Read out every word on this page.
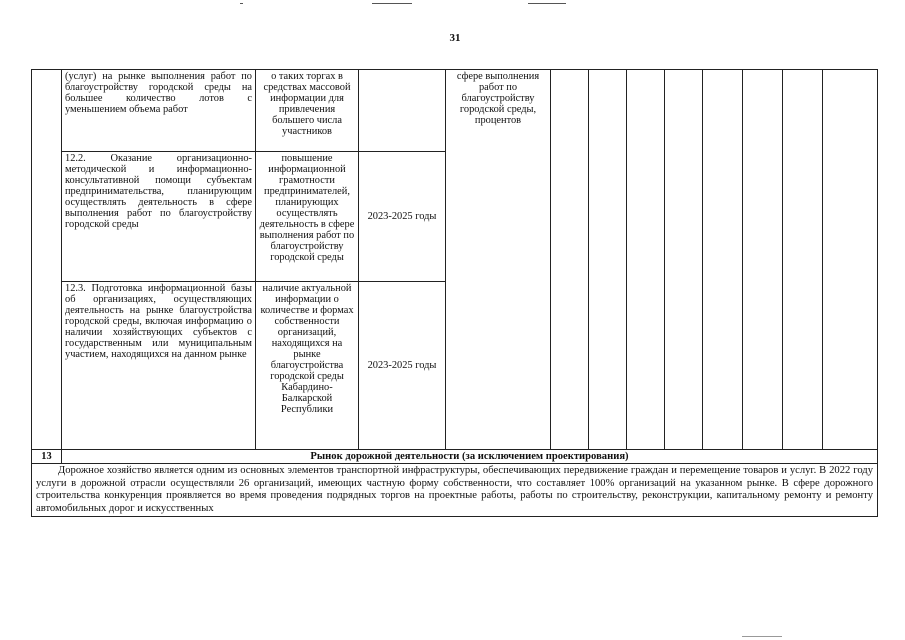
31
	(услуг) на рынке выполнения работ по благоустройству городской среды на большее количество лотов с уменьшением объема работ	о таких торгах в средствах массовой информации для привлечения большего числа участников		сфере выполнения работ по благоустройству городской среды, процентов								
	12.2. Оказание организационно-методической и информационно-консультативной помощи субъектам предпринимательства, планирующим осуществлять деятельность в сфере выполнения работ по благоустройству городской среды	повышение информационной грамотности предпринимателей, планирующих осуществлять деятельность в сфере выполнения работ по благоустройству городской среды	2023-2025 годы									
	12.3. Подготовка информационной базы об организациях, осуществляющих деятельность на рынке благоустройства городской среды, включая информацию о наличии хозяйствующих субъектов с государственным или муниципальным участием, находящихся на данном рынке	наличие актуальной информации о количестве и формах собственности организаций, находящихся на рынке благоустройства городской среды Кабардино-Балкарской Республики	2023-2025 годы									
13	Рынок дорожной деятельности (за исключением проектирования)											
Дорожное хозяйство является одним из основных элементов транспортной инфраструктуры, обеспечивающих передвижение граждан и перемещение товаров и услуг. В 2022 году услуги в дорожной отрасли осуществляли 26 организаций, имеющих частную форму собственности, что составляет 100% организаций на указанном рынке. В сфере дорожного строительства конкуренция проявляется во время проведения подрядных торгов на проектные работы, работы по строительству, реконструкции, капитальному ремонту и ремонту автомобильных дорог и искусственных												
